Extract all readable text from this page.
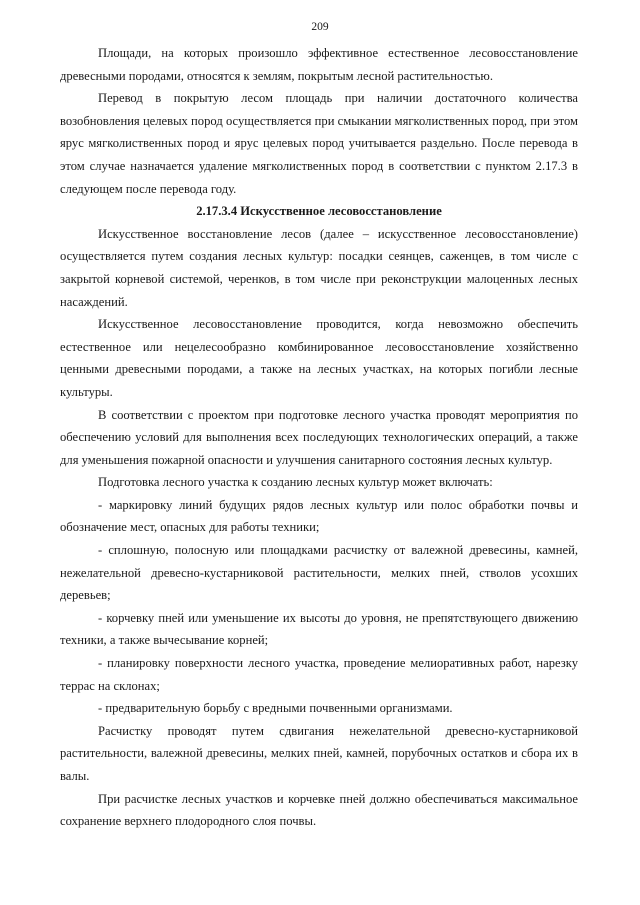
209

Площади, на которых произошло эффективное естественное лесовосстановление древесными породами, относятся к землям, покрытым лесной растительностью.

Перевод в покрытую лесом площадь при наличии достаточного количества возобновления целевых пород осуществляется при смыкании мягколиственных пород, при этом ярус мягколиственных пород и ярус целевых пород учитывается раздельно. После перевода в этом случае назначается удаление мягколиственных пород в соответствии с пунктом 2.17.3 в следующем после перевода году.

2.17.3.4 Искусственное лесовосстановление

Искусственное восстановление лесов (далее – искусственное лесовосстановление) осуществляется путем создания лесных культур: посадки сеянцев, саженцев, в том числе с закрытой корневой системой, черенков, в том числе при реконструкции малоценных лесных насаждений.

Искусственное лесовосстановление проводится, когда невозможно обеспечить естественное или нецелесообразно комбинированное лесовосстановление хозяйственно ценными древесными породами, а также на лесных участках, на которых погибли лесные культуры.

В соответствии с проектом при подготовке лесного участка проводят мероприятия по обеспечению условий для выполнения всех последующих технологических операций, а также для уменьшения пожарной опасности и улучшения санитарного состояния лесных культур.

Подготовка лесного участка к созданию лесных культур может включать:

- маркировку линий будущих рядов лесных культур или полос обработки почвы и обозначение мест, опасных для работы техники;

- сплошную, полосную или площадками расчистку от валежной древесины, камней, нежелательной древесно-кустарниковой растительности, мелких пней, стволов усохших деревьев;

- корчевку пней или уменьшение их высоты до уровня, не препятствующего движению техники, а также вычесывание корней;

- планировку поверхности лесного участка, проведение мелиоративных работ, нарезку террас на склонах;

- предварительную борьбу с вредными почвенными организмами.

Расчистку проводят путем сдвигания нежелательной древесно-кустарниковой растительности, валежной древесины, мелких пней, камней, порубочных остатков и сбора их в валы.

При расчистке лесных участков и корчевке пней должно обеспечиваться максимальное сохранение верхнего плодородного слоя почвы.
